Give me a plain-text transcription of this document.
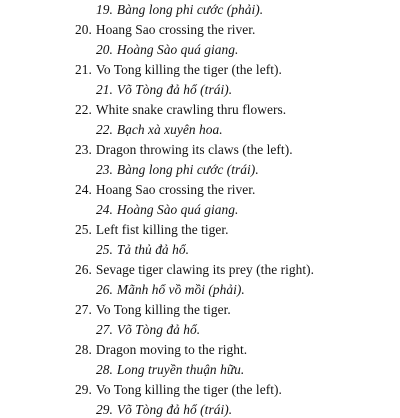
19. Bàng long phi cước (phải).
20. Hoang Sao crossing the river.
20. Hoàng Sào quá giang.
21. Vo Tong killing the tiger (the left).
21. Võ Tòng đả hổ (trái).
22. White snake crawling thru flowers.
22. Bạch xà xuyên hoa.
23. Dragon throwing its claws (the left).
23. Bàng long phi cước (trái).
24. Hoang Sao crossing the river.
24. Hoàng Sào quá giang.
25. Left fist killing the tiger.
25. Tả thủ đả hổ.
26. Sevage tiger clawing its prey (the right).
26. Mãnh hổ vồ mồi (phải).
27. Vo Tong killing the tiger.
27. Võ Tòng đả hổ.
28. Dragon moving to the right.
28. Long truyền thuận hữu.
29. Vo Tong killing the tiger (the left).
29. Võ Tòng đả hổ (trái).
